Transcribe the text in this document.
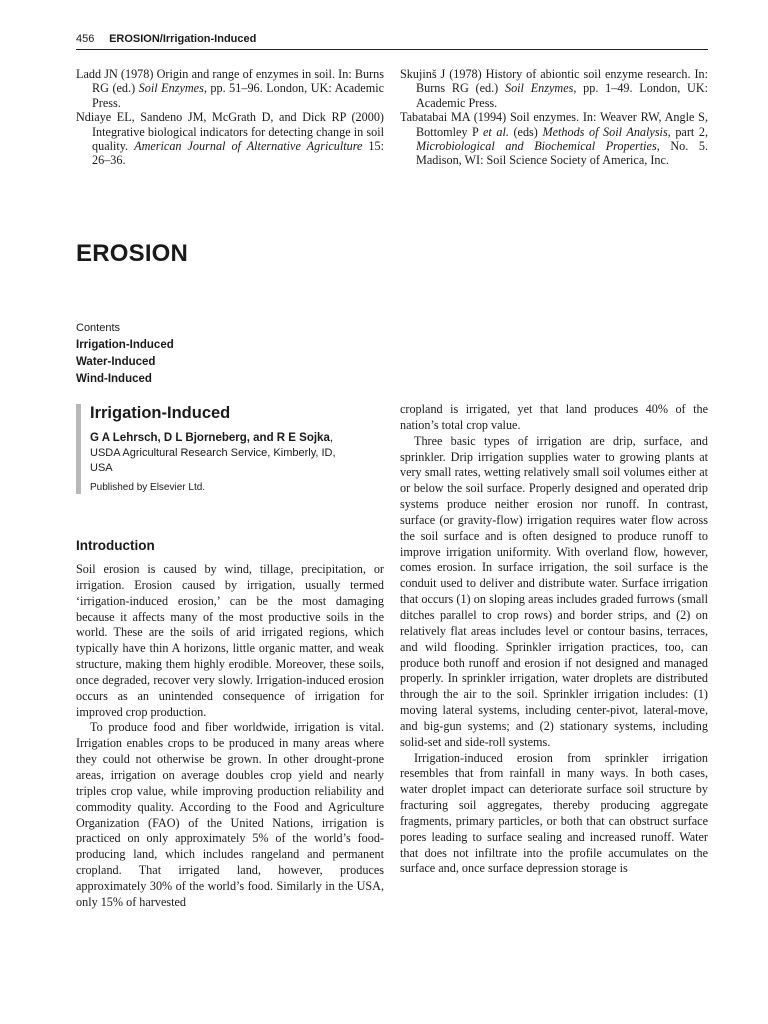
456 EROSION/Irrigation-Induced

Ladd JN (1978) Origin and range of enzymes in soil. In: Burns RG (ed.) Soil Enzymes, pp. 51–96. London, UK: Academic Press.

Ndiaye EL, Sandeno JM, McGrath D, and Dick RP (2000) Integrative biological indicators for detecting change in soil quality. American Journal of Alternative Agriculture 15: 26–36.

Skujinš J (1978) History of abiontic soil enzyme research. In: Burns RG (ed.) Soil Enzymes, pp. 1–49. London, UK: Academic Press.

Tabatabai MA (1994) Soil enzymes. In: Weaver RW, Angle S, Bottomley P et al. (eds) Methods of Soil Analysis, part 2, Microbiological and Biochemical Properties, No. 5. Madison, WI: Soil Science Society of America, Inc.

EROSION
Contents
Irrigation-Induced
Water-Induced
Wind-Induced
Irrigation-Induced
G A Lehrsch, D L Bjorneberg, and R E Sojka,
USDA Agricultural Research Service, Kimberly, ID, USA
Published by Elsevier Ltd.
Introduction

Soil erosion is caused by wind, tillage, precipitation, or irrigation. Erosion caused by irrigation, usually termed ‘irrigation-induced erosion,’ can be the most damaging because it affects many of the most productive soils in the world. These are the soils of arid irrigated regions, which typically have thin A horizons, little organic matter, and weak structure, making them highly erodible. Moreover, these soils, once degraded, recover very slowly. Irrigation-induced erosion occurs as an unintended consequence of irrigation for improved crop production.

To produce food and fiber worldwide, irrigation is vital. Irrigation enables crops to be produced in many areas where they could not otherwise be grown. In other drought-prone areas, irrigation on average doubles crop yield and nearly triples crop value, while improving production reliability and commodity quality. According to the Food and Agriculture Organization (FAO) of the United Nations, irrigation is practiced on only approximately 5% of the world’s food-producing land, which includes rangeland and permanent cropland. That irrigated land, however, produces approximately 30% of the world’s food. Similarly in the USA, only 15% of harvested

cropland is irrigated, yet that land produces 40% of the nation’s total crop value.

Three basic types of irrigation are drip, surface, and sprinkler. Drip irrigation supplies water to growing plants at very small rates, wetting relatively small soil volumes either at or below the soil surface. Properly designed and operated drip systems produce neither erosion nor runoff. In contrast, surface (or gravity-flow) irrigation requires water flow across the soil surface and is often designed to produce runoff to improve irrigation uniformity. With overland flow, however, comes erosion. In surface irrigation, the soil surface is the conduit used to deliver and distribute water. Surface irrigation that occurs (1) on sloping areas includes graded furrows (small ditches parallel to crop rows) and border strips, and (2) on relatively flat areas includes level or contour basins, terraces, and wild flooding. Sprinkler irrigation practices, too, can produce both runoff and erosion if not designed and managed properly. In sprinkler irrigation, water droplets are distributed through the air to the soil. Sprinkler irrigation includes: (1) moving lateral systems, including center-pivot, lateral-move, and big-gun systems; and (2) stationary systems, including solid-set and side-roll systems.

Irrigation-induced erosion from sprinkler irrigation resembles that from rainfall in many ways. In both cases, water droplet impact can deteriorate surface soil structure by fracturing soil aggregates, thereby producing aggregate fragments, primary particles, or both that can obstruct surface pores leading to surface sealing and increased runoff. Water that does not infiltrate into the profile accumulates on the surface and, once surface depression storage is
